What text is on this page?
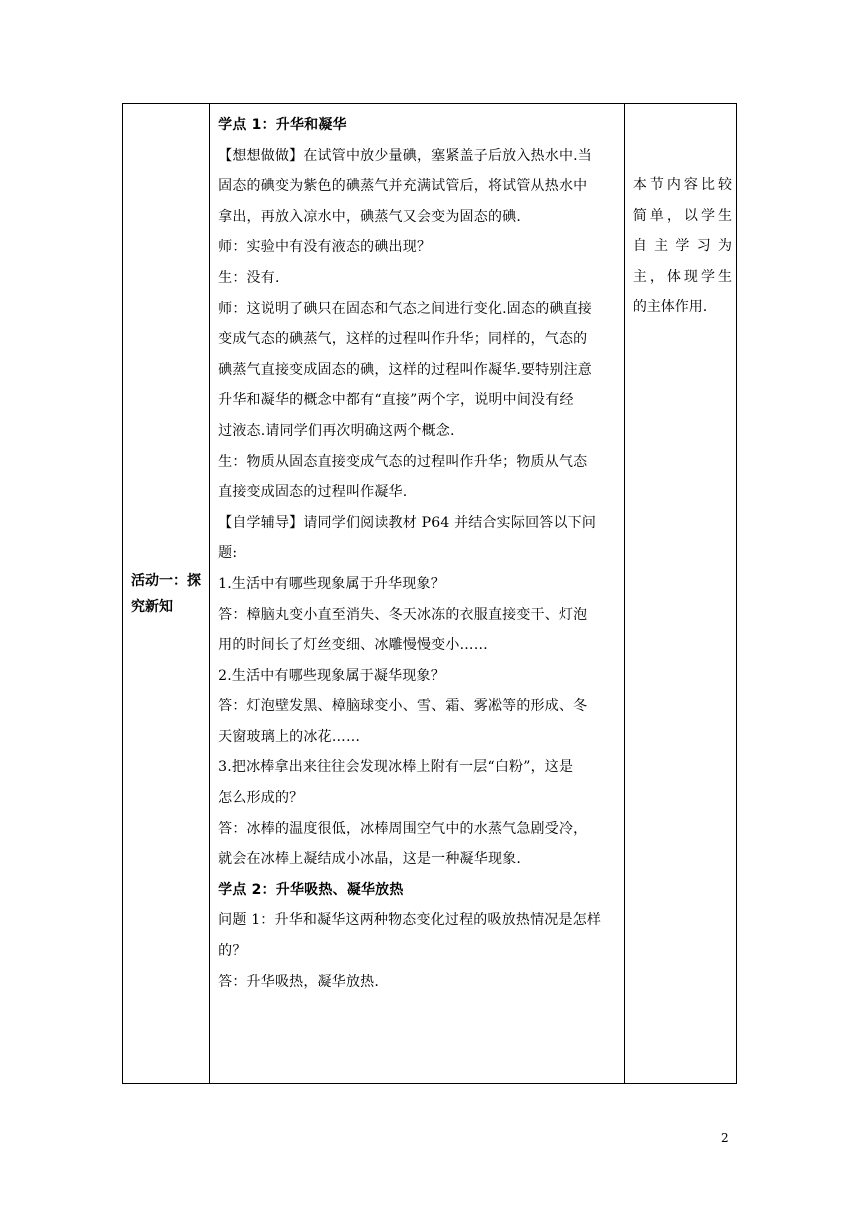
活动一：探
究新知

学点 1：升华和凝华
【想想做做】在试管中放少量碘，塞紧盖子后放入热水中.当
固态的碘变为紫色的碘蒸气并充满试管后，将试管从热水中
拿出，再放入凉水中，碘蒸气又会变为固态的碘.
师：实验中有没有液态的碘出现？
生：没有.
师：这说明了碘只在固态和气态之间进行变化.固态的碘直接
变成气态的碘蒸气，这样的过程叫作升华；同样的，气态的
碘蒸气直接变成固态的碘，这样的过程叫作凝华.要特别注意
升华和凝华的概念中都有“直接”两个字，说明中间没有经
过液态.请同学们再次明确这两个概念.
生：物质从固态直接变成气态的过程叫作升华；物质从气态
直接变成固态的过程叫作凝华.
【自学辅导】请同学们阅读教材 P64 并结合实际回答以下问
题:
1.生活中有哪些现象属于升华现象？
答：樟脑丸变小直至消失、冬天冰冻的衣服直接变干、灯泡
用的时间长了灯丝变细、冰雕慢慢变小……
2.生活中有哪些现象属于凝华现象？
答：灯泡壁发黑、樟脑球变小、雪、霜、雾凇等的形成、冬
天窗玻璃上的冰花……
3.把冰棒拿出来往往会发现冰棒上附有一层“白粉”，这是
怎么形成的？
答：冰棒的温度很低，冰棒周围空气中的水蒸气急剧受冷，
就会在冰棒上凝结成小冰晶，这是一种凝华现象.
学点 2：升华吸热、凝华放热
问题 1：升华和凝华这两种物态变化过程的吸放热情况是怎样
的？
答：升华吸热，凝华放热.

本节内容比较
简单，以学生
自主学习为
主，体现学生
的主体作用.
2
